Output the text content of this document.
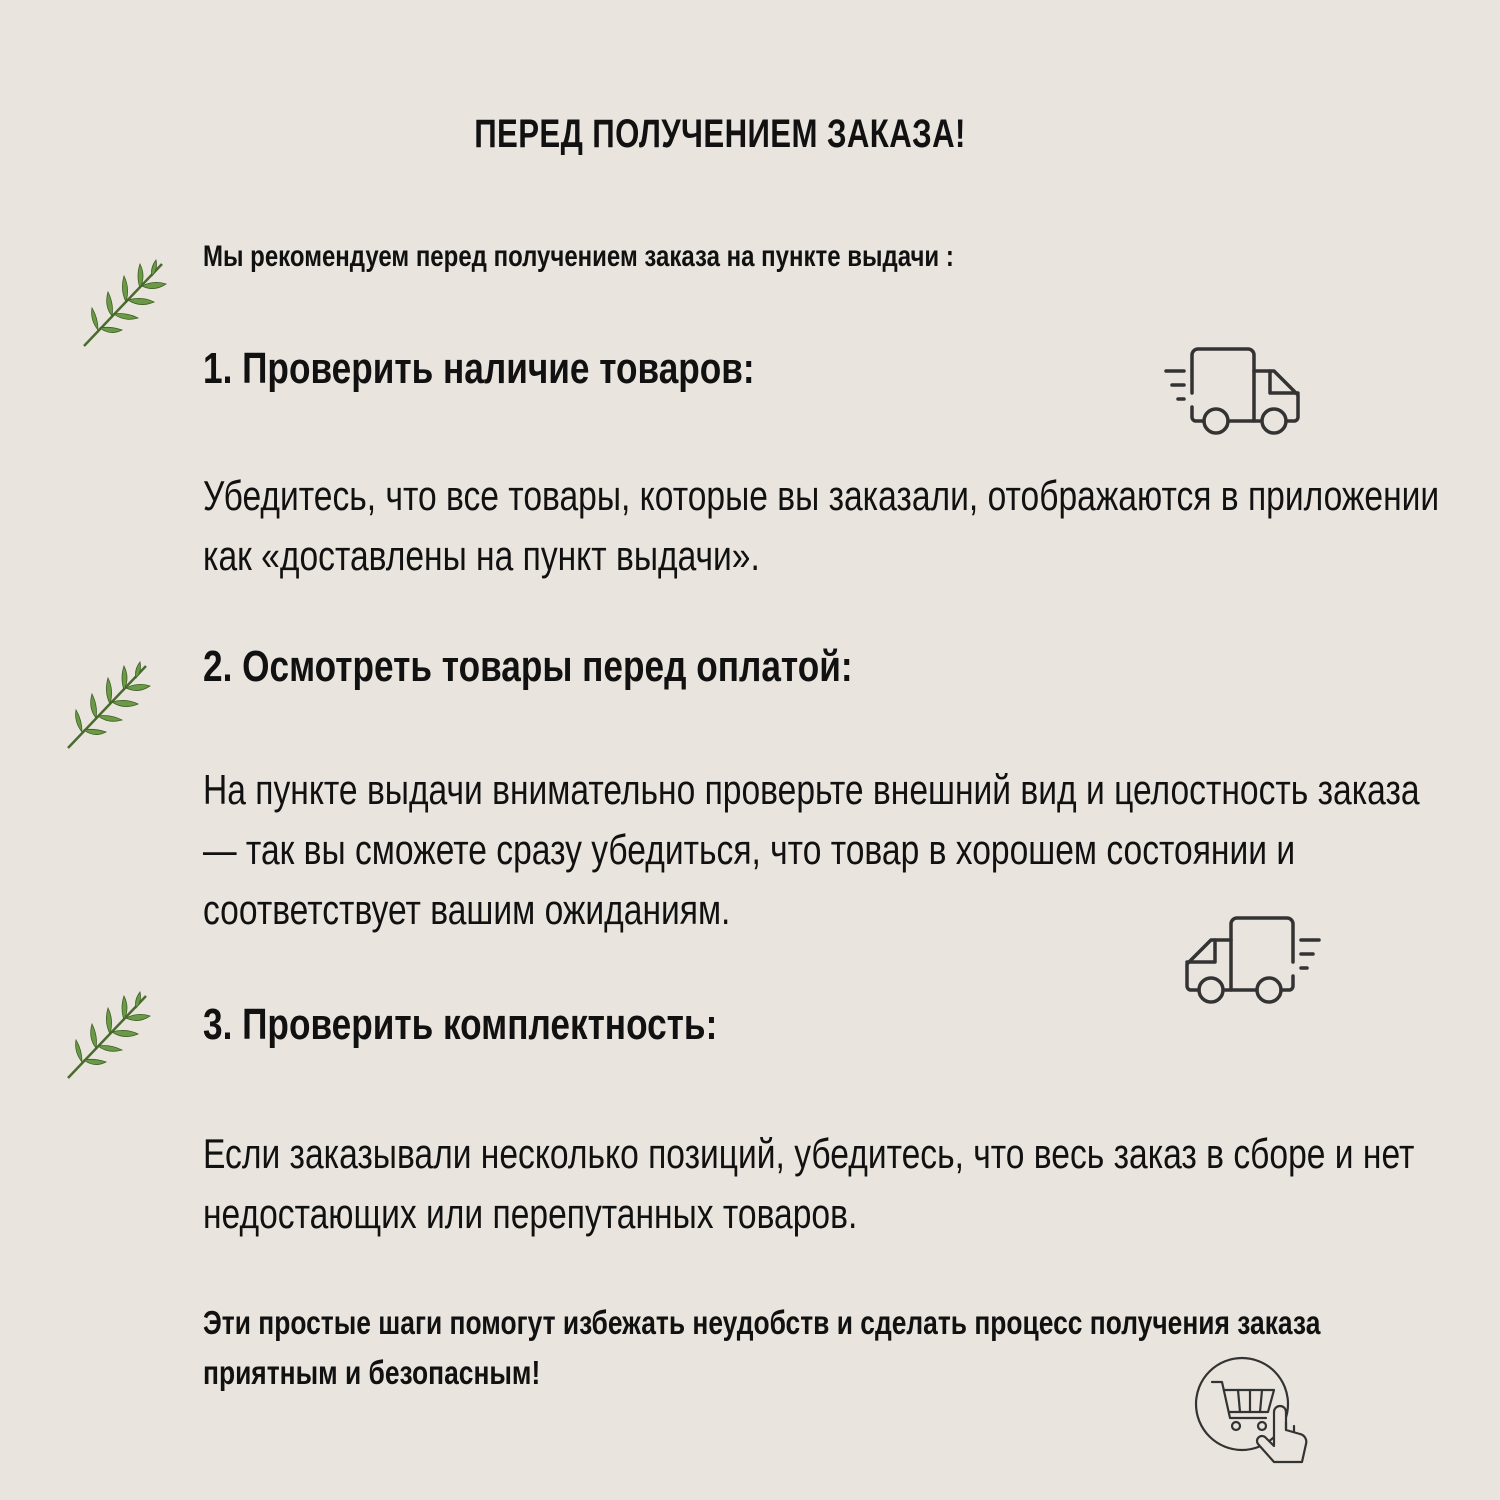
ПЕРЕД ПОЛУЧЕНИЕМ ЗАКАЗА!
Мы рекомендуем перед получением заказа на пункте выдачи :
1. Проверить наличие товаров:
Убедитесь, что все товары, которые вы заказали, отображаются в приложении как «доставлены на пункт выдачи».
2. Осмотреть товары перед оплатой:
На пункте выдачи внимательно проверьте внешний вид и целостность заказа — так вы сможете сразу убедиться, что товар в хорошем состоянии и соответствует вашим ожиданиям.
3. Проверить комплектность:
Если заказывали несколько позиций, убедитесь, что весь заказ в сборе и нет недостающих или перепутанных товаров.
Эти простые шаги помогут избежать неудобств и сделать процесс получения заказа приятным и безопасным!
